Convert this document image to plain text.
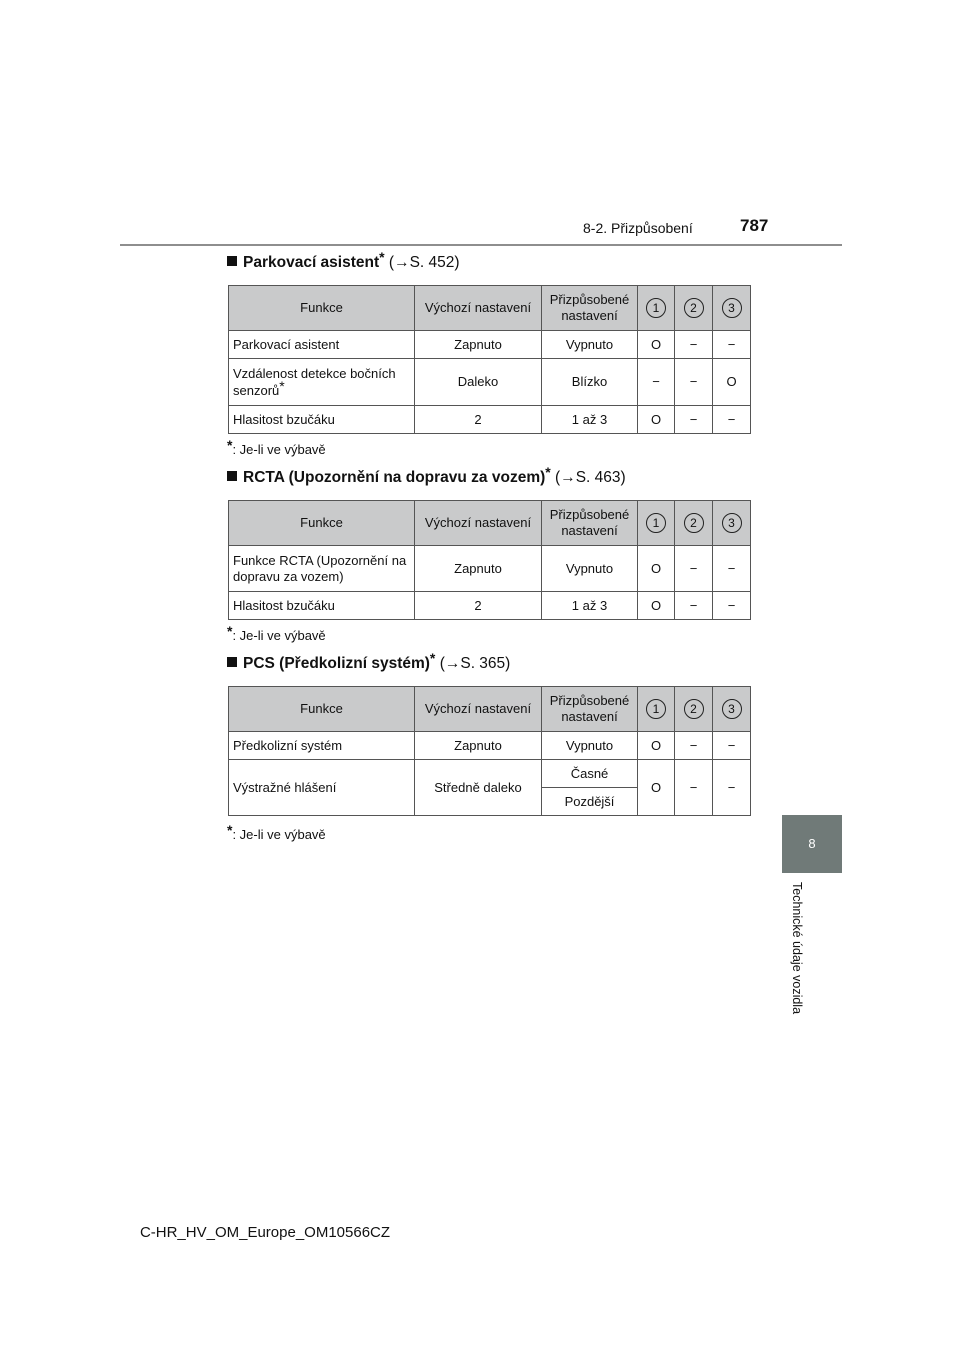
8-2. Přizpůsobení	787
8
Technické údaje vozidla
Parkovací asistent* (→S. 452)
Funkce	Výchozí nastavení	Přizpůsobené nastavení	1	2	3
Parkovací asistent	Zapnuto	Vypnuto	O	−	−
Vzdálenost detekce bočních senzorů*	Daleko	Blízko	−	−	O
Hlasitost bzučáku	2	1 až 3	O	−	−
*: Je-li ve výbavě
RCTA (Upozornění na dopravu za vozem)* (→S. 463)
Funkce	Výchozí nastavení	Přizpůsobené nastavení	1	2	3
Funkce RCTA (Upozornění na dopravu za vozem)	Zapnuto	Vypnuto	O	−	−
Hlasitost bzučáku	2	1 až 3	O	−	−
*: Je-li ve výbavě
PCS (Předkolizní systém)* (→S. 365)
Funkce	Výchozí nastavení	Přizpůsobené nastavení	1	2	3
Předkolizní systém	Zapnuto	Vypnuto	O	−	−
Výstražné hlášení	Středně daleko	Časné	O	−	−
		Pozdější			
*: Je-li ve výbavě
C-HR_HV_OM_Europe_OM10566CZ
